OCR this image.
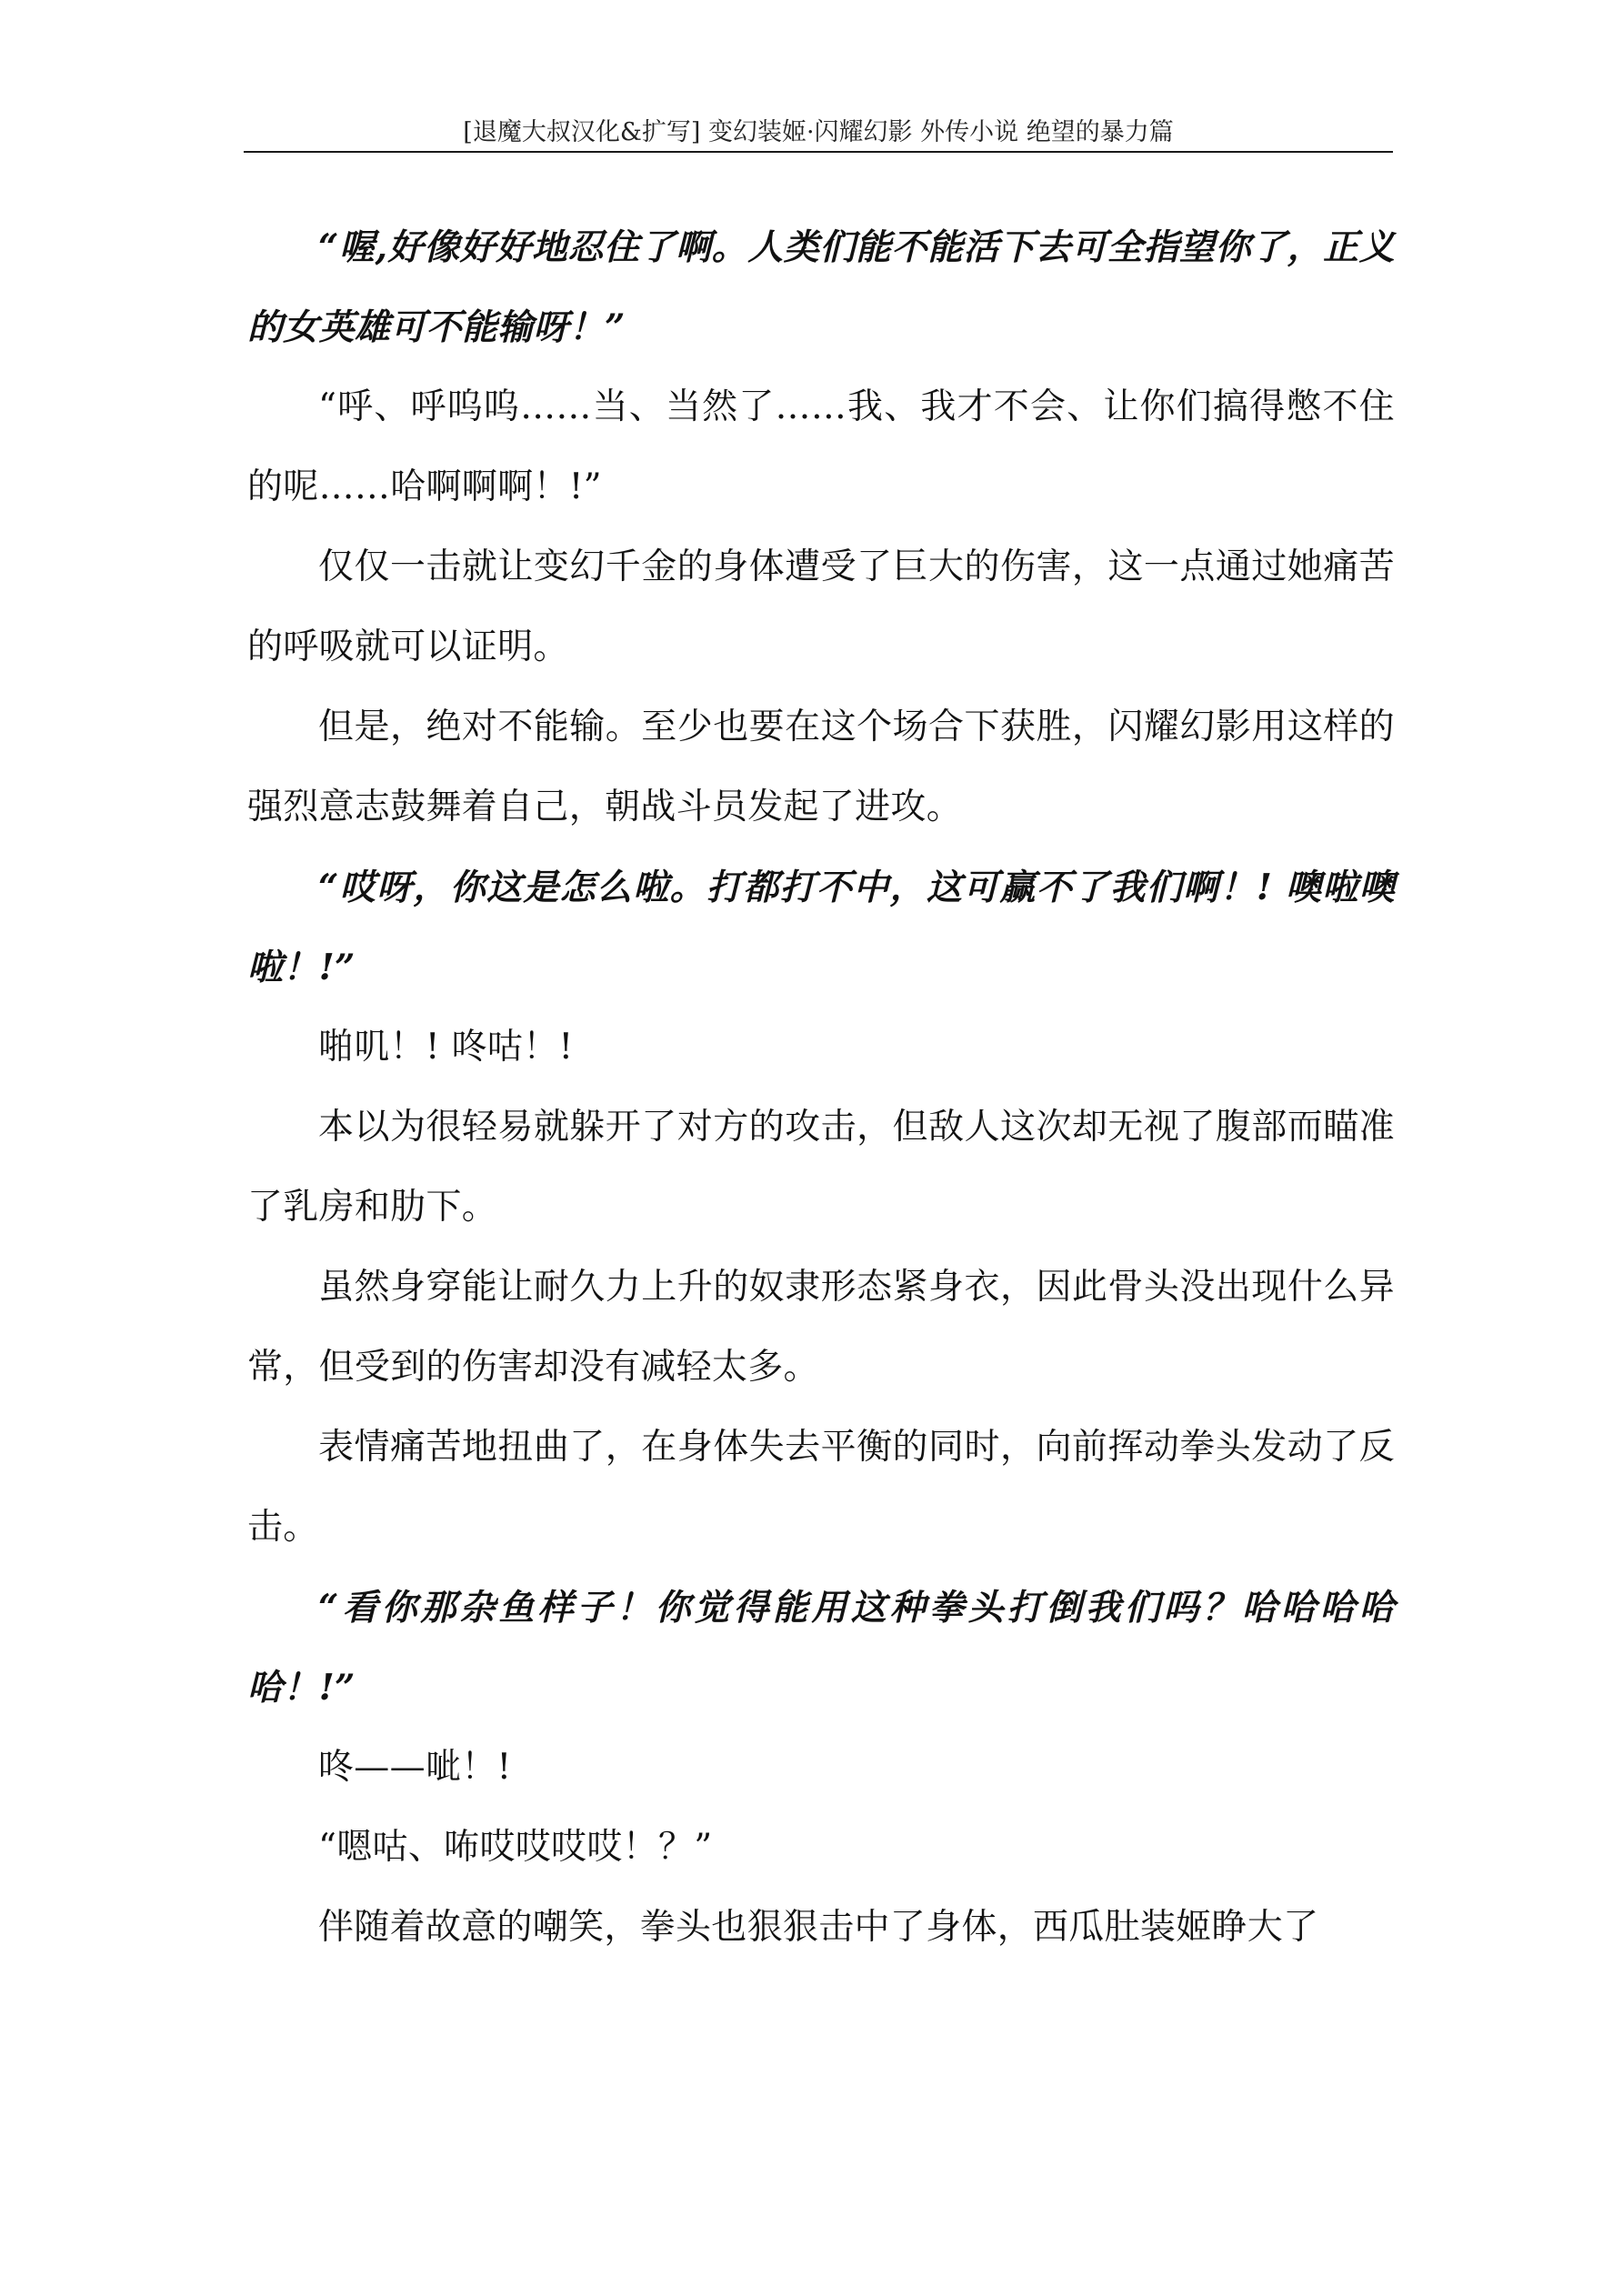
[退魔大叔汉化&扩写] 变幻装姬·闪耀幻影 外传小说 绝望的暴力篇

“喔,好像好好地忍住了啊。人类们能不能活下去可全指望你了，正义的女英雄可不能输呀！”

“呼、呼呜呜……当、当然了……我、我才不会、让你们搞得憋不住的呢……哈啊啊啊！!”

仅仅一击就让变幻千金的身体遭受了巨大的伤害，这一点通过她痛苦的呼吸就可以证明。

但是，绝对不能输。至少也要在这个场合下获胜，闪耀幻影用这样的强烈意志鼓舞着自己，朝战斗员发起了进攻。

“哎呀，你这是怎么啦。打都打不中，这可赢不了我们啊！! 噢啦噢啦！!”

啪叽！! 咚咕！!

本以为很轻易就躲开了对方的攻击，但敌人这次却无视了腹部而瞄准了乳房和肋下。

虽然身穿能让耐久力上升的奴隶形态紧身衣，因此骨头没出现什么异常，但受到的伤害却没有减轻太多。

表情痛苦地扭曲了，在身体失去平衡的同时，向前挥动拳头发动了反击。

“看你那杂鱼样子！你觉得能用这种拳头打倒我们吗？哈哈哈哈哈！!”

咚——呲！!

“嗯咕、咘哎哎哎哎！？”

伴随着故意的嘲笑，拳头也狠狠击中了身体，西瓜肚装姬睁大了
